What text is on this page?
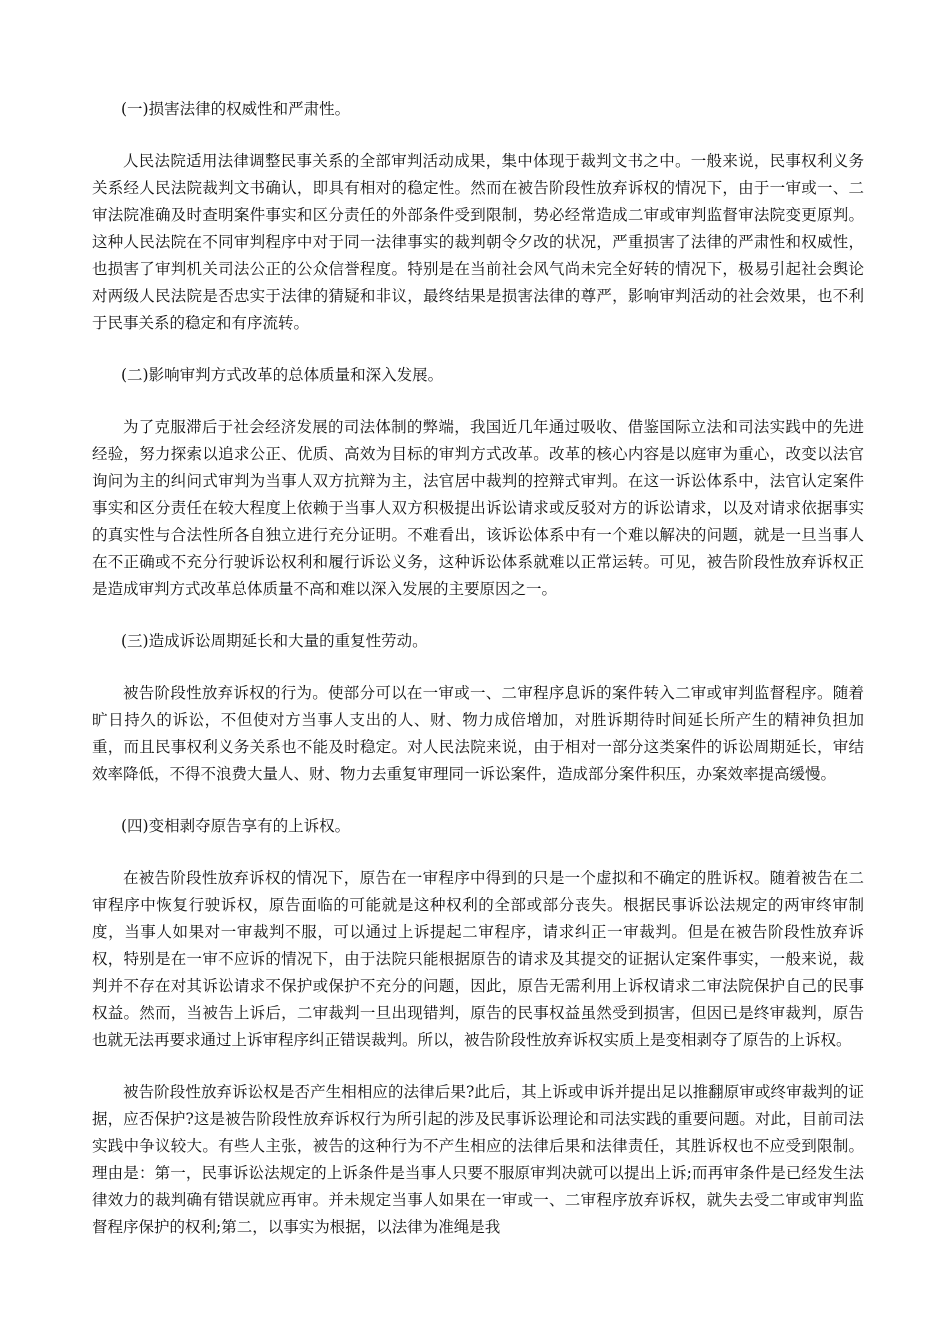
(一)损害法律的权威性和严肃性。

人民法院适用法律调整民事关系的全部审判活动成果，集中体现于裁判文书之中。一般来说，民事权利义务关系经人民法院裁判文书确认，即具有相对的稳定性。然而在被告阶段性放弃诉权的情况下，由于一审或一、二审法院准确及时查明案件事实和区分责任的外部条件受到限制，势必经常造成二审或审判监督审法院变更原判。这种人民法院在不同审判程序中对于同一法律事实的裁判朝令夕改的状况，严重损害了法律的严肃性和权威性，也损害了审判机关司法公正的公众信誉程度。特别是在当前社会风气尚未完全好转的情况下，极易引起社会舆论对两级人民法院是否忠实于法律的猜疑和非议，最终结果是损害法律的尊严，影响审判活动的社会效果，也不利于民事关系的稳定和有序流转。

(二)影响审判方式改革的总体质量和深入发展。

为了克服滞后于社会经济发展的司法体制的弊端，我国近几年通过吸收、借鉴国际立法和司法实践中的先进经验，努力探索以追求公正、优质、高效为目标的审判方式改革。改革的核心内容是以庭审为重心，改变以法官询问为主的纠问式审判为当事人双方抗辩为主，法官居中裁判的控辩式审判。在这一诉讼体系中，法官认定案件事实和区分责任在较大程度上依赖于当事人双方积极提出诉讼请求或反驳对方的诉讼请求，以及对请求依据事实的真实性与合法性所各自独立进行充分证明。不难看出，该诉讼体系中有一个难以解决的问题，就是一旦当事人在不正确或不充分行驶诉讼权利和履行诉讼义务，这种诉讼体系就难以正常运转。可见，被告阶段性放弃诉权正是造成审判方式改革总体质量不高和难以深入发展的主要原因之一。

(三)造成诉讼周期延长和大量的重复性劳动。

被告阶段性放弃诉权的行为。使部分可以在一审或一、二审程序息诉的案件转入二审或审判监督程序。随着旷日持久的诉讼，不但使对方当事人支出的人、财、物力成倍增加，对胜诉期待时间延长所产生的精神负担加重，而且民事权利义务关系也不能及时稳定。对人民法院来说，由于相对一部分这类案件的诉讼周期延长，审结效率降低，不得不浪费大量人、财、物力去重复审理同一诉讼案件，造成部分案件积压，办案效率提高缓慢。

(四)变相剥夺原告享有的上诉权。

在被告阶段性放弃诉权的情况下，原告在一审程序中得到的只是一个虚拟和不确定的胜诉权。随着被告在二审程序中恢复行驶诉权，原告面临的可能就是这种权利的全部或部分丧失。根据民事诉讼法规定的两审终审制度，当事人如果对一审裁判不服，可以通过上诉提起二审程序，请求纠正一审裁判。但是在被告阶段性放弃诉权，特别是在一审不应诉的情况下，由于法院只能根据原告的请求及其提交的证据认定案件事实，一般来说，裁判并不存在对其诉讼请求不保护或保护不充分的问题，因此，原告无需利用上诉权请求二审法院保护自己的民事权益。然而，当被告上诉后，二审裁判一旦出现错判，原告的民事权益虽然受到损害，但因已是终审裁判，原告也就无法再要求通过上诉审程序纠正错误裁判。所以，被告阶段性放弃诉权实质上是变相剥夺了原告的上诉权。

被告阶段性放弃诉讼权是否产生相相应的法律后果?此后，其上诉或申诉并提出足以推翻原审或终审裁判的证据，应否保护?这是被告阶段性放弃诉权行为所引起的涉及民事诉讼理论和司法实践的重要问题。对此，目前司法实践中争议较大。有些人主张，被告的这种行为不产生相应的法律后果和法律责任，其胜诉权也不应受到限制。理由是：第一，民事诉讼法规定的上诉条件是当事人只要不服原审判决就可以提出上诉;而再审条件是已经发生法律效力的裁判确有错误就应再审。并未规定当事人如果在一审或一、二审程序放弃诉权，就失去受二审或审判监督程序保护的权利;第二，以事实为根据，以法律为准绳是我
